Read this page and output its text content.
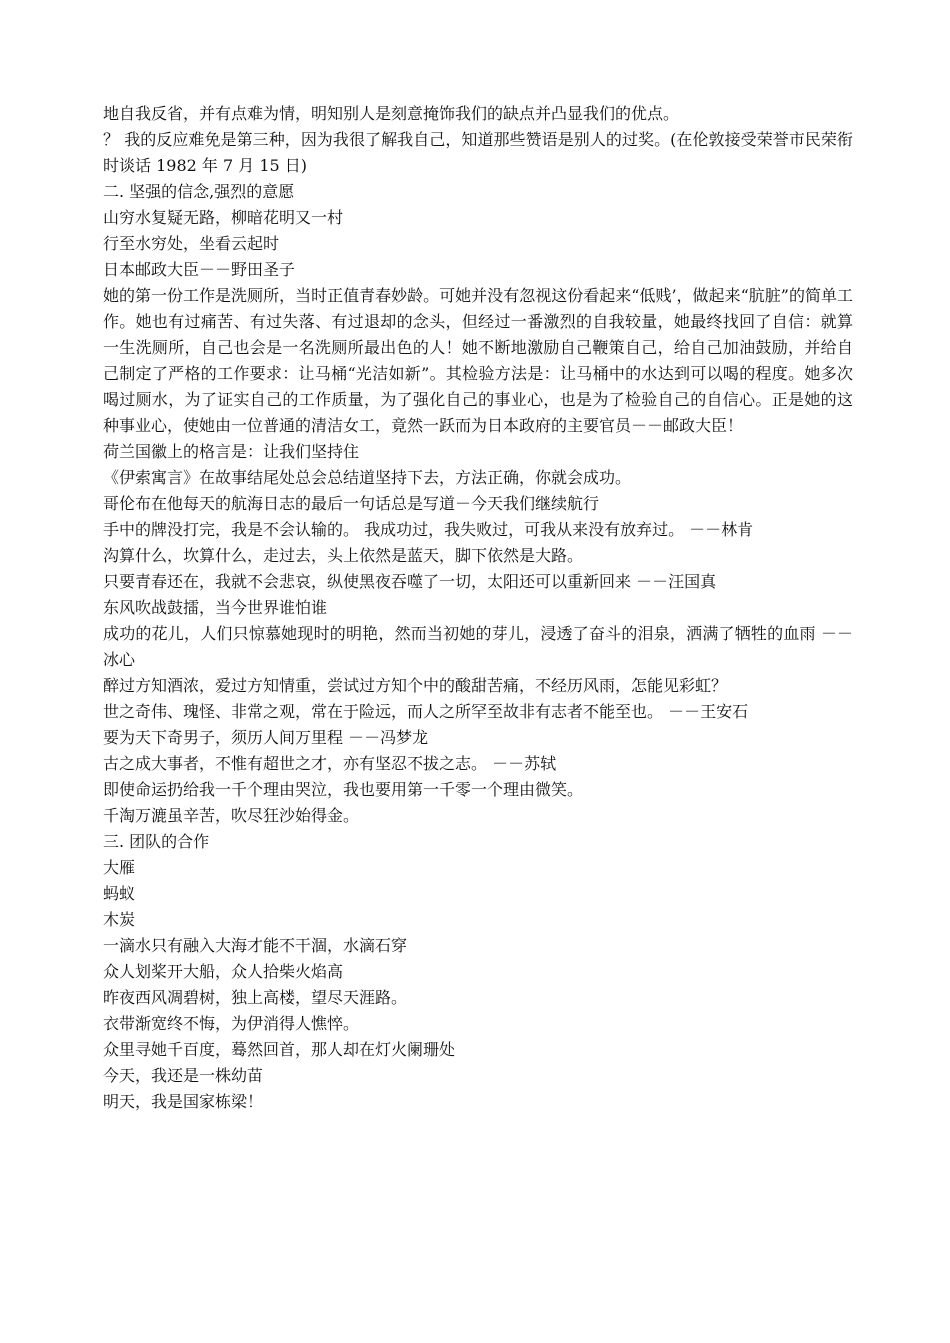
地自我反省，并有点难为情，明知别人是刻意掩饰我们的缺点并凸显我们的优点。

？ 我的反应难免是第三种，因为我很了解我自己，知道那些赞语是别人的过奖。(在伦敦接受荣誉市民荣衔时谈话 1982 年 7 月 15 日)

二. 坚强的信念,强烈的意愿

山穷水复疑无路，柳暗花明又一村

行至水穷处，坐看云起时

日本邮政大臣－－野田圣子

她的第一份工作是洗厕所，当时正值青春妙龄。可她并没有忽视这份看起来“低贱’，做起来“肮脏”的简单工作。她也有过痛苦、有过失落、有过退却的念头，但经过一番激烈的自我较量，她最终找回了自信：就算一生洗厕所，自己也会是一名洗厕所最出色的人！她不断地激励自己鞭策自己，给自己加油鼓励，并给自己制定了严格的工作要求：让马桶“光洁如新”。其检验方法是：让马桶中的水达到可以喝的程度。她多次喝过厕水，为了证实自己的工作质量，为了强化自己的事业心，也是为了检验自己的自信心。正是她的这种事业心，使她由一位普通的清洁女工，竟然一跃而为日本政府的主要官员－－邮政大臣！

荷兰国徽上的格言是：让我们坚持住

《伊索寓言》在故事结尾处总会总结道坚持下去，方法正确，你就会成功。

哥伦布在他每天的航海日志的最后一句话总是写道－今天我们继续航行

手中的牌没打完，我是不会认输的。 我成功过，我失败过，可我从来没有放弃过。 －－林肯

沟算什么，坎算什么，走过去，头上依然是蓝天，脚下依然是大路。

只要青春还在，我就不会悲哀，纵使黑夜吞噬了一切，太阳还可以重新回来 －－汪国真

东风吹战鼓擂，当今世界谁怕谁

成功的花儿，人们只惊慕她现时的明艳，然而当初她的芽儿，浸透了奋斗的泪泉，洒满了牺牲的血雨 －－冰心

醉过方知酒浓，爱过方知情重，尝试过方知个中的酸甜苦痛，不经历风雨，怎能见彩虹？

世之奇伟、瑰怪、非常之观，常在于险远，而人之所罕至故非有志者不能至也。 －－王安石

要为天下奇男子，须历人间万里程 －－冯梦龙

古之成大事者，不惟有超世之才，亦有坚忍不拔之志。 －－苏轼

即使命运扔给我一千个理由哭泣，我也要用第一千零一个理由微笑。

千淘万漉虽辛苦，吹尽狂沙始得金。

三. 团队的合作

大雁

蚂蚁

木炭

一滴水只有融入大海才能不干涸，水滴石穿

众人划桨开大船，众人拾柴火焰高

昨夜西风凋碧树，独上高楼，望尽天涯路。

衣带渐宽终不悔，为伊消得人憔悴。

众里寻她千百度，蓦然回首，那人却在灯火阑珊处

今天，我还是一株幼苗

明天，我是国家栋梁！
